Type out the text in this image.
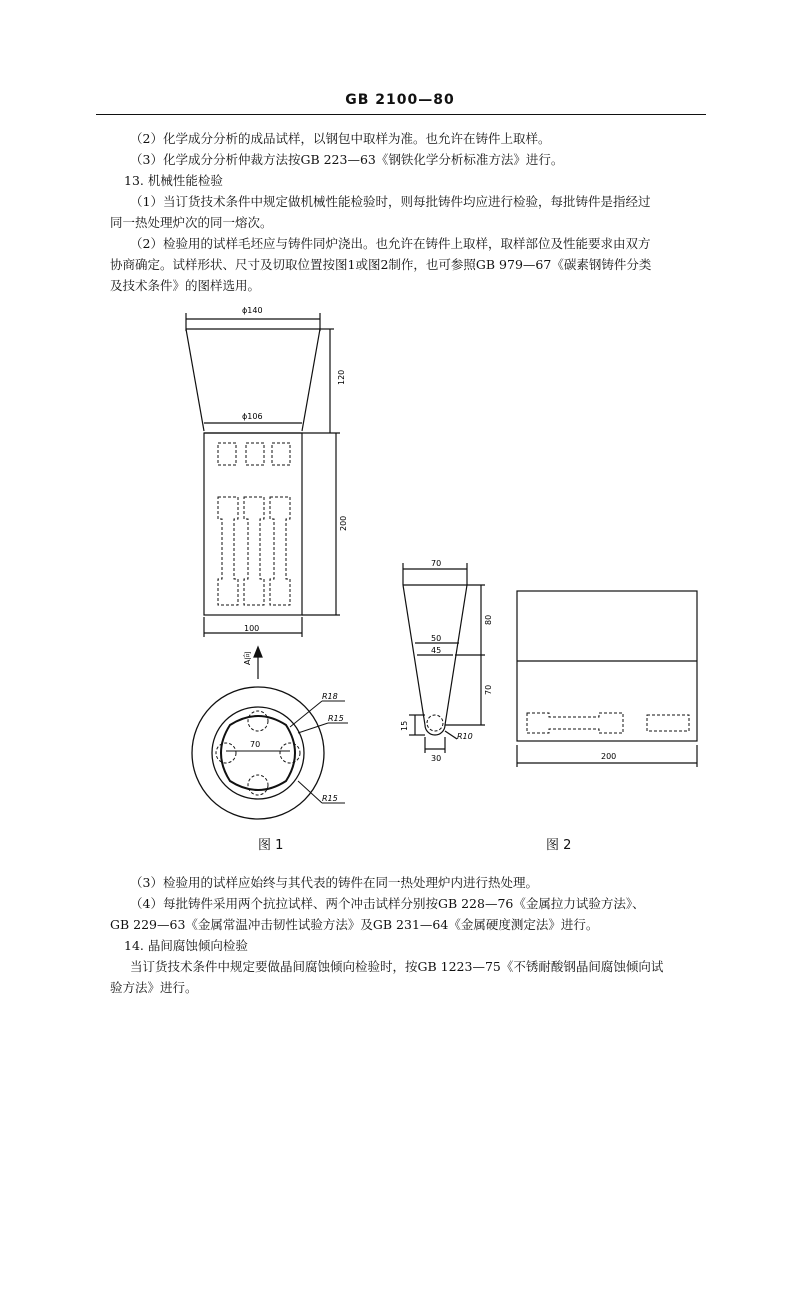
GB 2100—80
（2）化学成分分析的成品试样，以钢包中取样为准。也允许在铸件上取样。
（3）化学成分分析仲裁方法按GB 223—63《钢铁化学分析标准方法》进行。
13. 机械性能检验
（1）当订货技术条件中规定做机械性能检验时，则每批铸件均应进行检验，每批铸件是指经过
同一热处理炉次的同一熔次。
（2）检验用的试样毛坯应与铸件同炉浇出。也允许在铸件上取样，取样部位及性能要求由双方
协商确定。试样形状、尺寸及切取位置按图1或图2制作，也可参照GB 979—67《碳素钢铸件分类
及技术条件》的图样选用。
ϕ140
ϕ106
120
200
100
A向
R18
R15
R15
70
70
80
50
45
70
15
R10
30	200
图 1	图 2
（3）检验用的试样应始终与其代表的铸件在同一热处理炉内进行热处理。
（4）每批铸件采用两个抗拉试样、两个冲击试样分别按GB 228—76《金属拉力试验方法》、
GB 229—63《金属常温冲击韧性试验方法》及GB 231—64《金属硬度测定法》进行。
14. 晶间腐蚀倾向检验
当订货技术条件中规定要做晶间腐蚀倾向检验时，按GB 1223—75《不锈耐酸钢晶间腐蚀倾向试
验方法》进行。
